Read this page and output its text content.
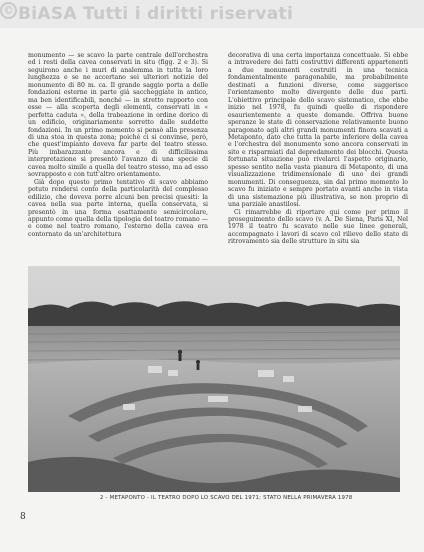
© BiASA Tutti i diritti riservati

monumento — se scavo la parte centrale dell'orchestra ed i resti della cavea conservati in situ (figg. 2 e 3). Si seguirono anche i muri di analemma in tutta la loro lunghezza e se ne accertano sei ulteriori notizie del monumento di 80 m. ca. Il grande saggio porta a delle fondazioni esterne in parte già saccheggiate in antico, ma ben identificabili, nonché — in stretto rapporto con esse — alla scoperta degli elementi, conservati in « perfetta caduta », della trabeazione in ordine dorico di un edificio, originariamente sorretto dalle suddette fondazioni. In un primo momento si pensò alla presenza di una stoa in questa zona; poiché ci si convinse, però, che quest'impianto doveva far parte del teatro stesso. Più imbarazzante ancora e di difficilissima interpretazione si presentò l'avanzo di una specie di cavea molto simile a quella del teatro stesso, ma ad esso sovrapposto e con tutt'altro orientamento.

Già dopo questo primo tentativo di scavo abbiamo potuto rendersi conto della particolarità del complesso edilizio, che doveva porre alcuni ben precisi quesiti: la cavea nella sua parte interna, quella conservata, si presentò in una forma esattamente semicircolare, appunto come quella della tipologia del teatro romano — e come nel teatro romano, l'esterno della cavea era contornato da un'architettura

decorativa di una certa importanza concettuale. Si ebbe a intravedere dei fatti costruttivi differenti appartenenti a due monumenti costruiti in una tecnica fondamentalmente paragonabile, ma probabilmente destinati a funzioni diverse, come suggerisce l'orientamento molto divergente delle due parti. L'obiettivo principale dello scavo sistematico, che ebbe inizio nel 1978, fu quindi quello di rispondere esaurientemente a queste domande. Offriva buone speranze le state di conservazione relativamente buono paragonato agli altri grandi monumenti finora scavati a Metaponto, dato che tutta la parte inferiore della cavea e l'orchestra del monumento sono ancora conservati in sito e risparmiati dal depredamento dei blocchi. Questa fortunata situazione può rivelarci l'aspetto originario, spesso sentito nella vasta pianura di Metaponto, di una visualizzazione tridimensionale di uno dei grandi monumenti. Di conseguenza, sin dal primo momento lo scavo fu iniziato e sempre portato avanti anche in vista di una sistemazione più illustrativa, se non proprio di una parziale anastilosi.

Ci rimarrebbe di riportare qui come per primo il proseguimento dello scavo (v. A. De Siena, Paris XI, Nel 1978 il teatro fu scavato nelle sue linee generali, accompagnato i lavori di scavo col rilievo dello stato di ritrovamento sia delle strutture in situ sia

2 - METAPONTO - IL TEATRO DOPO LO SCAVO DEL 1971; STATO NELLA PRIMAVERA 1978
8
